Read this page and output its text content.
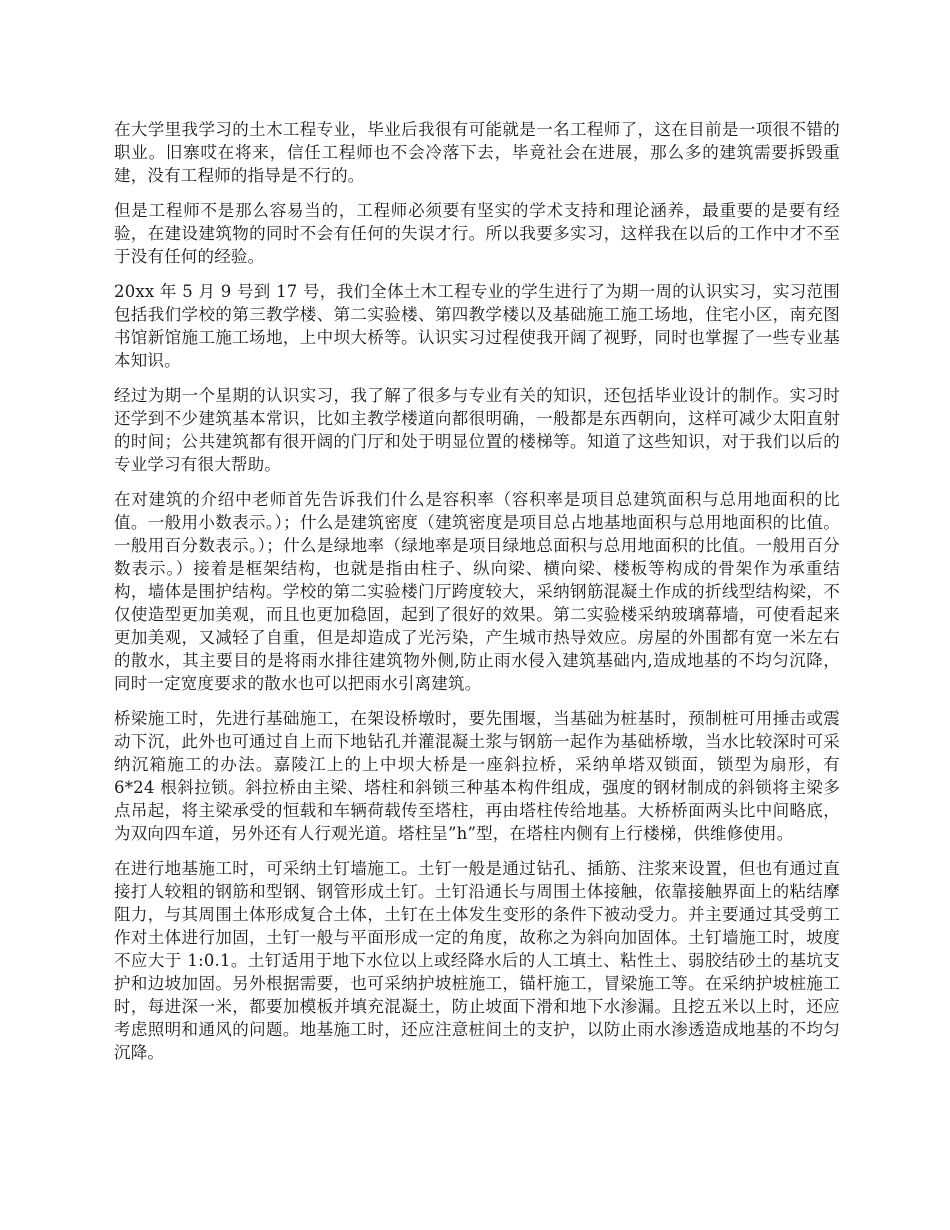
在大学里我学习的土木工程专业，毕业后我很有可能就是一名工程师了，这在目前是一项很不错的职业。旧寨哎在将来，信任工程师也不会冷落下去，毕竟社会在进展，那么多的建筑需要拆毁重建，没有工程师的指导是不行的。

但是工程师不是那么容易当的，工程师必须要有坚实的学术支持和理论涵养，最重要的是要有经验，在建设建筑物的同时不会有任何的失误才行。所以我要多实习，这样我在以后的工作中才不至于没有任何的经验。

20xx 年 5 月 9 号到 17 号，我们全体土木工程专业的学生进行了为期一周的认识实习，实习范围包括我们学校的第三教学楼、第二实验楼、第四教学楼以及基础施工施工场地，住宅小区，南充图书馆新馆施工施工场地，上中坝大桥等。认识实习过程使我开阔了视野，同时也掌握了一些专业基本知识。

经过为期一个星期的认识实习，我了解了很多与专业有关的知识，还包括毕业设计的制作。实习时还学到不少建筑基本常识，比如主教学楼道向都很明确，一般都是东西朝向，这样可减少太阳直射的时间；公共建筑都有很开阔的门厅和处于明显位置的楼梯等。知道了这些知识，对于我们以后的专业学习有很大帮助。

在对建筑的介绍中老师首先告诉我们什么是容积率（容积率是项目总建筑面积与总用地面积的比值。一般用小数表示。）；什么是建筑密度（建筑密度是项目总占地基地面积与总用地面积的比值。一般用百分数表示。）；什么是绿地率（绿地率是项目绿地总面积与总用地面积的比值。一般用百分数表示。）接着是框架结构，也就是指由柱子、纵向梁、横向梁、楼板等构成的骨架作为承重结构，墙体是围护结构。学校的第二实验楼门厅跨度较大，采纳钢筋混凝土作成的折线型结构梁，不仅使造型更加美观，而且也更加稳固，起到了很好的效果。第二实验楼采纳玻璃幕墙，可使看起来更加美观，又减轻了自重，但是却造成了光污染，产生城市热导效应。房屋的外围都有宽一米左右的散水，其主要目的是将雨水排往建筑物外侧,防止雨水侵入建筑基础内,造成地基的不均匀沉降，同时一定宽度要求的散水也可以把雨水引离建筑。

桥梁施工时，先进行基础施工，在架设桥墩时，要先围堰，当基础为桩基时，预制桩可用捶击或震动下沉，此外也可通过自上而下地钻孔并灌混凝土浆与钢筋一起作为基础桥墩，当水比较深时可采纳沉箱施工的办法。嘉陵江上的上中坝大桥是一座斜拉桥，采纳单塔双锁面，锁型为扇形，有 6*24 根斜拉锁。斜拉桥由主梁、塔柱和斜锁三种基本构件组成，强度的钢材制成的斜锁将主梁多点吊起，将主梁承受的恒载和车辆荷载传至塔柱，再由塔柱传给地基。大桥桥面两头比中间略底，为双向四车道，另外还有人行观光道。塔柱呈”h”型，在塔柱内侧有上行楼梯，供维修使用。

在进行地基施工时，可采纳土钉墙施工。土钉一般是通过钻孔、插筋、注浆来设置，但也有通过直接打人较粗的钢筋和型钢、钢管形成土钉。土钉沿通长与周围土体接触，依靠接触界面上的粘结摩阻力，与其周围土体形成复合土体，土钉在土体发生变形的条件下被动受力。并主要通过其受剪工作对土体进行加固，土钉一般与平面形成一定的角度，故称之为斜向加固体。土钉墙施工时，坡度不应大于 1:0.1。土钉适用于地下水位以上或经降水后的人工填土、粘性土、弱胶结砂土的基坑支护和边坡加固。另外根据需要，也可采纳护坡桩施工，锚杆施工，冒梁施工等。在采纳护坡桩施工时，每进深一米，都要加模板并填充混凝土，防止坡面下滑和地下水渗漏。且挖五米以上时，还应考虑照明和通风的问题。地基施工时，还应注意桩间土的支护，以防止雨水渗透造成地基的不均匀沉降。
